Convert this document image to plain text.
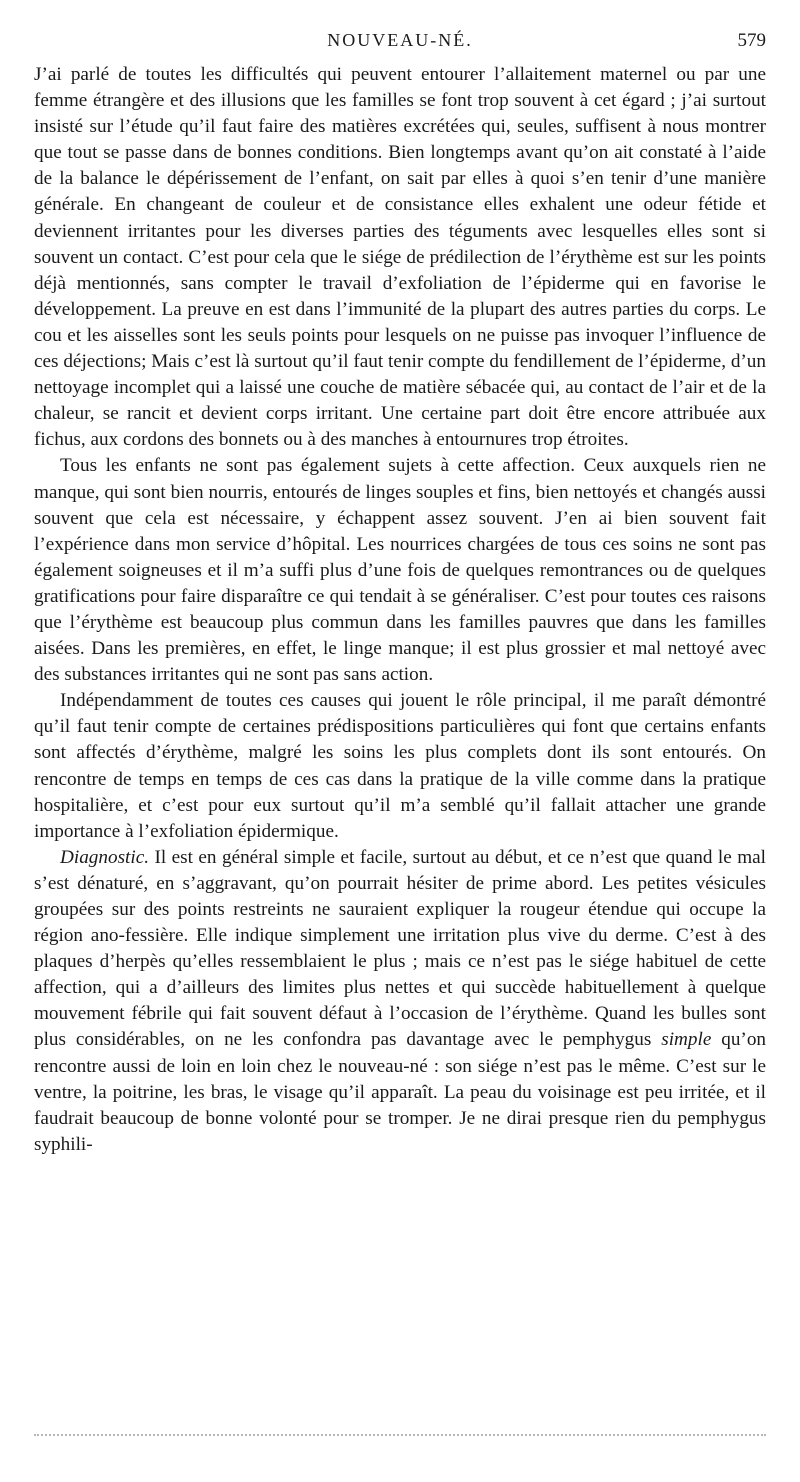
NOUVEAU-NÉ.	579

J’ai parlé de toutes les difficultés qui peuvent entourer l’allaitement maternel ou par une femme étrangère et des illusions que les familles se font trop souvent à cet égard ; j’ai surtout insisté sur l’étude qu’il faut faire des matières excrétées qui, seules, suffisent à nous montrer que tout se passe dans de bonnes conditions. Bien longtemps avant qu’on ait constaté à l’aide de la balance le dépérissement de l’enfant, on sait par elles à quoi s’en tenir d’une manière générale. En changeant de couleur et de consistance elles exhalent une odeur fétide et deviennent irritantes pour les diverses parties des téguments avec lesquelles elles sont si souvent un contact. C’est pour cela que le siége de prédilection de l’érythème est sur les points déjà mentionnés, sans compter le travail d’exfoliation de l’épiderme qui en favorise le développement. La preuve en est dans l’immunité de la plupart des autres parties du corps. Le cou et les aisselles sont les seuls points pour lesquels on ne puisse pas invoquer l’influence de ces déjections; Mais c’est là surtout qu’il faut tenir compte du fendillement de l’épiderme, d’un nettoyage incomplet qui a laissé une couche de matière sébacée qui, au contact de l’air et de la chaleur, se rancit et devient corps irritant. Une certaine part doit être encore attribuée aux fichus, aux cordons des bonnets ou à des manches à entournures trop étroites.

Tous les enfants ne sont pas également sujets à cette affection. Ceux auxquels rien ne manque, qui sont bien nourris, entourés de linges souples et fins, bien nettoyés et changés aussi souvent que cela est nécessaire, y échappent assez souvent. J’en ai bien souvent fait l’expérience dans mon service d’hôpital. Les nourrices chargées de tous ces soins ne sont pas également soigneuses et il m’a suffi plus d’une fois de quelques remontrances ou de quelques gratifications pour faire disparaître ce qui tendait à se généraliser. C’est pour toutes ces raisons que l’érythème est beaucoup plus commun dans les familles pauvres que dans les familles aisées. Dans les premières, en effet, le linge manque; il est plus grossier et mal nettoyé avec des substances irritantes qui ne sont pas sans action.

Indépendamment de toutes ces causes qui jouent le rôle principal, il me paraît démontré qu’il faut tenir compte de certaines prédispositions particulières qui font que certains enfants sont affectés d’érythème, malgré les soins les plus complets dont ils sont entourés. On rencontre de temps en temps de ces cas dans la pratique de la ville comme dans la pratique hospitalière, et c’est pour eux surtout qu’il m’a semblé qu’il fallait attacher une grande importance à l’exfoliation épidermique.

Diagnostic. Il est en général simple et facile, surtout au début, et ce n’est que quand le mal s’est dénaturé, en s’aggravant, qu’on pourrait hésiter de prime abord. Les petites vésicules groupées sur des points restreints ne sauraient expliquer la rougeur étendue qui occupe la région ano-fessière. Elle indique simplement une irritation plus vive du derme. C’est à des plaques d’herpès qu’elles ressemblaient le plus ; mais ce n’est pas le siége habituel de cette affection, qui a d’ailleurs des limites plus nettes et qui succède habituellement à quelque mouvement fébrile qui fait souvent défaut à l’occasion de l’érythème. Quand les bulles sont plus considérables, on ne les confondra pas davantage avec le pemphygus simple qu’on rencontre aussi de loin en loin chez le nouveau-né : son siége n’est pas le même. C’est sur le ventre, la poitrine, les bras, le visage qu’il apparaît. La peau du voisinage est peu irritée, et il faudrait beaucoup de bonne volonté pour se tromper. Je ne dirai presque rien du pemphygus syphili-
